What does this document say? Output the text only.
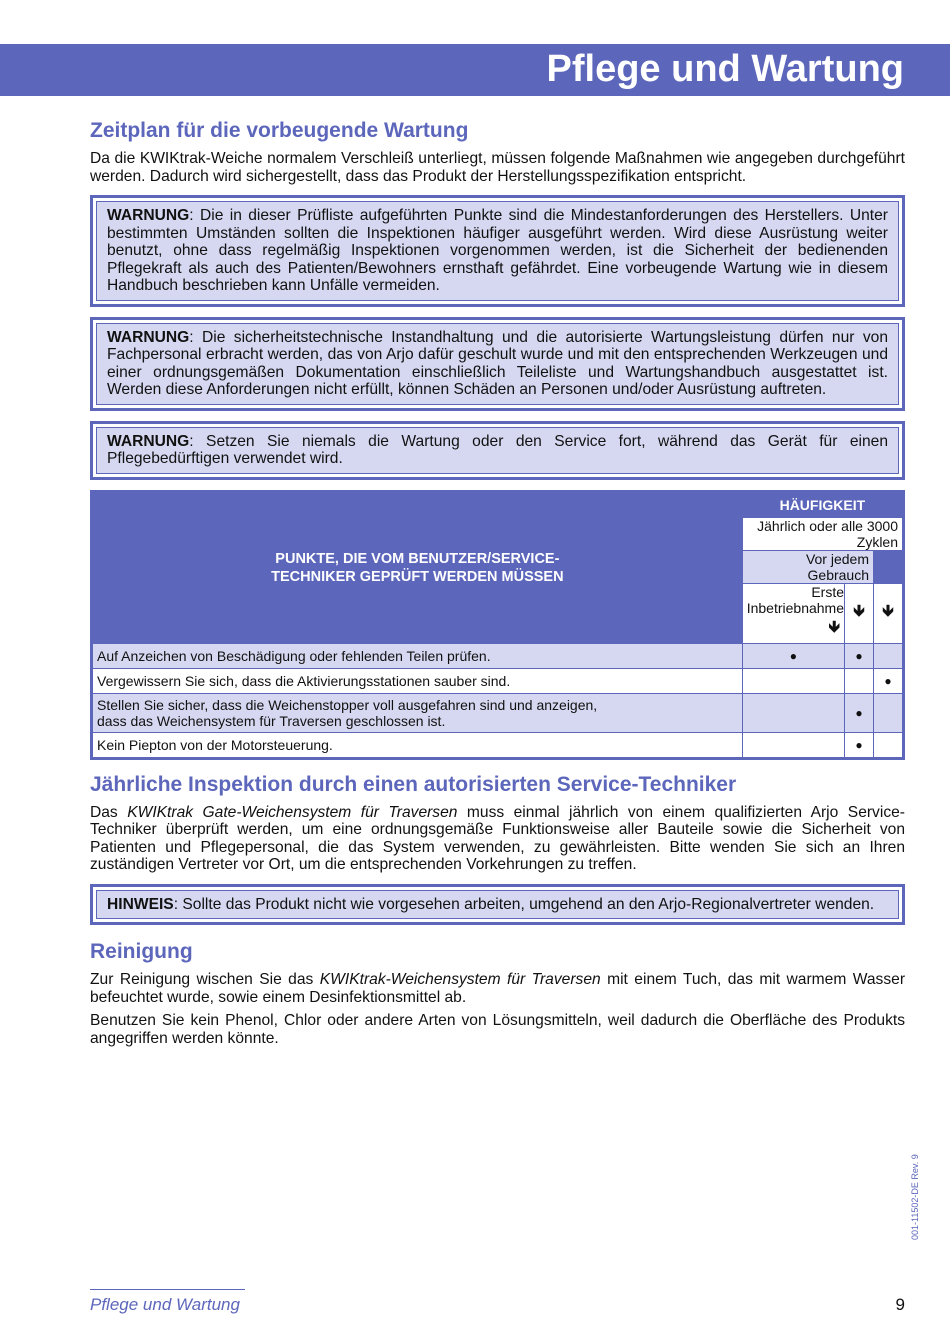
Pflege und Wartung
Zeitplan für die vorbeugende Wartung

Da die KWIKtrak-Weiche normalem Verschleiß unterliegt, müssen folgende Maßnahmen wie angegeben durchgeführt werden. Dadurch wird sichergestellt, dass das Produkt der Herstellungsspezifikation entspricht.

WARNUNG: Die in dieser Prüfliste aufgeführten Punkte sind die Mindestanforderungen des Herstellers. Unter bestimmten Umständen sollten die Inspektionen häufiger ausgeführt werden. Wird diese Ausrüstung weiter benutzt, ohne dass regelmäßig Inspektionen vorgenommen werden, ist die Sicherheit der bedienenden Pflegekraft als auch des Patienten/Bewohners ernsthaft gefährdet. Eine vorbeugende Wartung wie in diesem Handbuch beschrieben kann Unfälle vermeiden.
WARNUNG: Die sicherheitstechnische Instandhaltung und die autorisierte Wartungsleistung dürfen nur von Fachpersonal erbracht werden, das von Arjo dafür geschult wurde und mit den entsprechenden Werkzeugen und einer ordnungsgemäßen Dokumentation einschließlich Teileliste und Wartungshandbuch ausgestattet ist. Werden diese Anforderungen nicht erfüllt, können Schäden an Personen und/oder Ausrüstung auftreten.
WARNUNG: Setzen Sie niemals die Wartung oder den Service fort, während das Gerät für einen Pflegebedürftigen verwendet wird.
PUNKTE, DIE VOM BENUTZER/SERVICE-TECHNIKER GEPRÜFT WERDEN MÜSSEN	HÄUFIGKEIT		
	Jährlich oder alle 3000 Zyklen		
	Vor jedem Gebrauch		
	Erste Inbetriebnahme 🡻	🡻	🡻
Auf Anzeichen von Beschädigung oder fehlenden Teilen prüfen.	●	●	
Vergewissern Sie sich, dass die Aktivierungsstationen sauber sind.			●
Stellen Sie sicher, dass die Weichenstopper voll ausgefahren sind und anzeigen, dass das Weichensystem für Traversen geschlossen ist.		●	
Kein Piepton von der Motorsteuerung.		●	
Jährliche Inspektion durch einen autorisierten Service-Techniker

Das KWIKtrak Gate-Weichensystem für Traversen muss einmal jährlich von einem qualifizierten Arjo Service-Techniker überprüft werden, um eine ordnungsgemäße Funktionsweise aller Bauteile sowie die Sicherheit von Patienten und Pflegepersonal, die das System verwenden, zu gewährleisten. Bitte wenden Sie sich an Ihren zuständigen Vertreter vor Ort, um die entsprechenden Vorkehrungen zu treffen.

HINWEIS: Sollte das Produkt nicht wie vorgesehen arbeiten, umgehend an den Arjo-Regionalvertreter wenden.
Reinigung

Zur Reinigung wischen Sie das KWIKtrak-Weichensystem für Traversen mit einem Tuch, das mit warmem Wasser befeuchtet wurde, sowie einem Desinfektionsmittel ab.

Benutzen Sie kein Phenol, Chlor oder andere Arten von Lösungsmitteln, weil dadurch die Oberfläche des Produkts angegriffen werden könnte.

001-11502-DE Rev. 9
Pflege und Wartung	9
